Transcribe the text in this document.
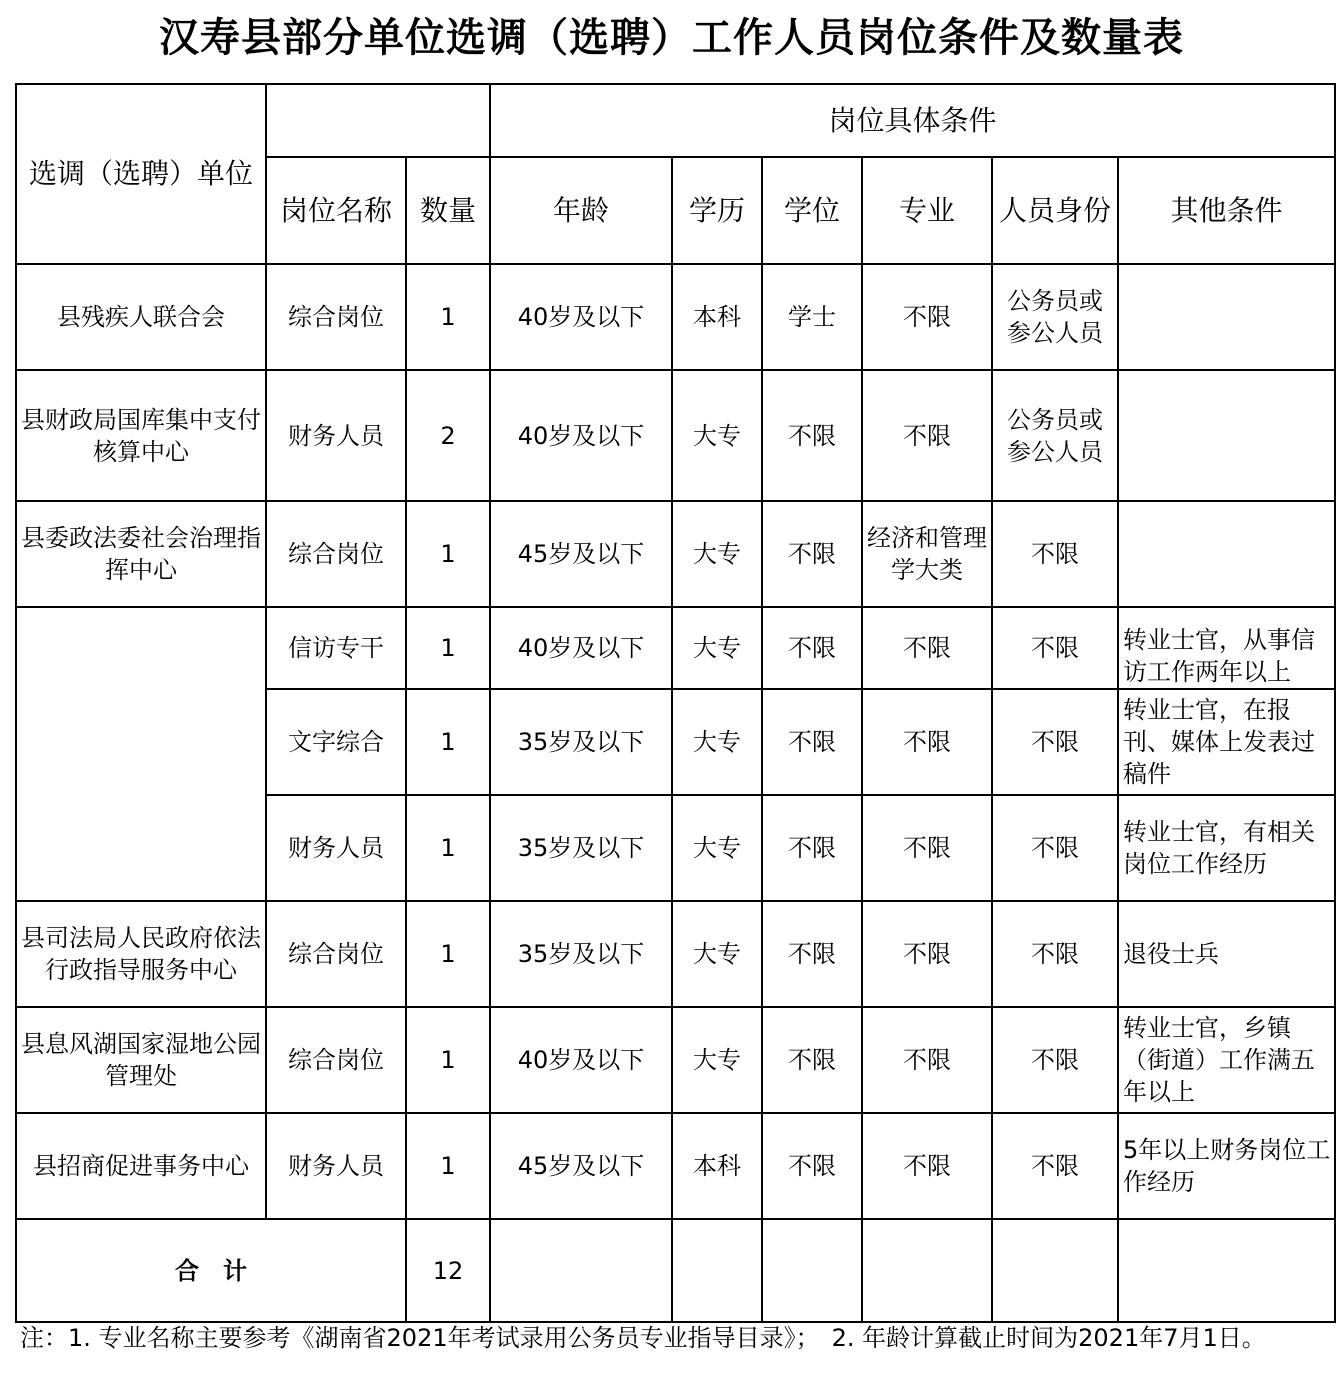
汉寿县部分单位选调（选聘）工作人员岗位条件及数量表
选调（选聘）单位			岗位具体条件					
	岗位名称	数量	年龄	学历	学位	专业	人员身份	其他条件
县残疾人联合会	综合岗位	1	40岁及以下	本科	学士	不限	公务员或参公人员	
县财政局国库集中支付核算中心	财务人员	2	40岁及以下	大专	不限	不限	公务员或参公人员	
县委政法委社会治理指挥中心	综合岗位	1	45岁及以下	大专	不限	经济和管理学大类	不限	
	信访专干	1	40岁及以下	大专	不限	不限	不限	转业士官，从事信访工作两年以上
	文字综合	1	35岁及以下	大专	不限	不限	不限	转业士官，在报刊、媒体上发表过稿件
	财务人员	1	35岁及以下	大专	不限	不限	不限	转业士官，有相关岗位工作经历
县司法局人民政府依法行政指导服务中心	综合岗位	1	35岁及以下	大专	不限	不限	不限	退役士兵
县息风湖国家湿地公园管理处	综合岗位	1	40岁及以下	大专	不限	不限	不限	转业士官，乡镇（街道）工作满五年以上
县招商促进事务中心	财务人员	1	45岁及以下	本科	不限	不限	不限	5年以上财务岗位工作经历
合　计		12						
注：1. 专业名称主要参考《湖南省2021年考试录用公务员专业指导目录》；　2. 年龄计算截止时间为2021年7月1日。
